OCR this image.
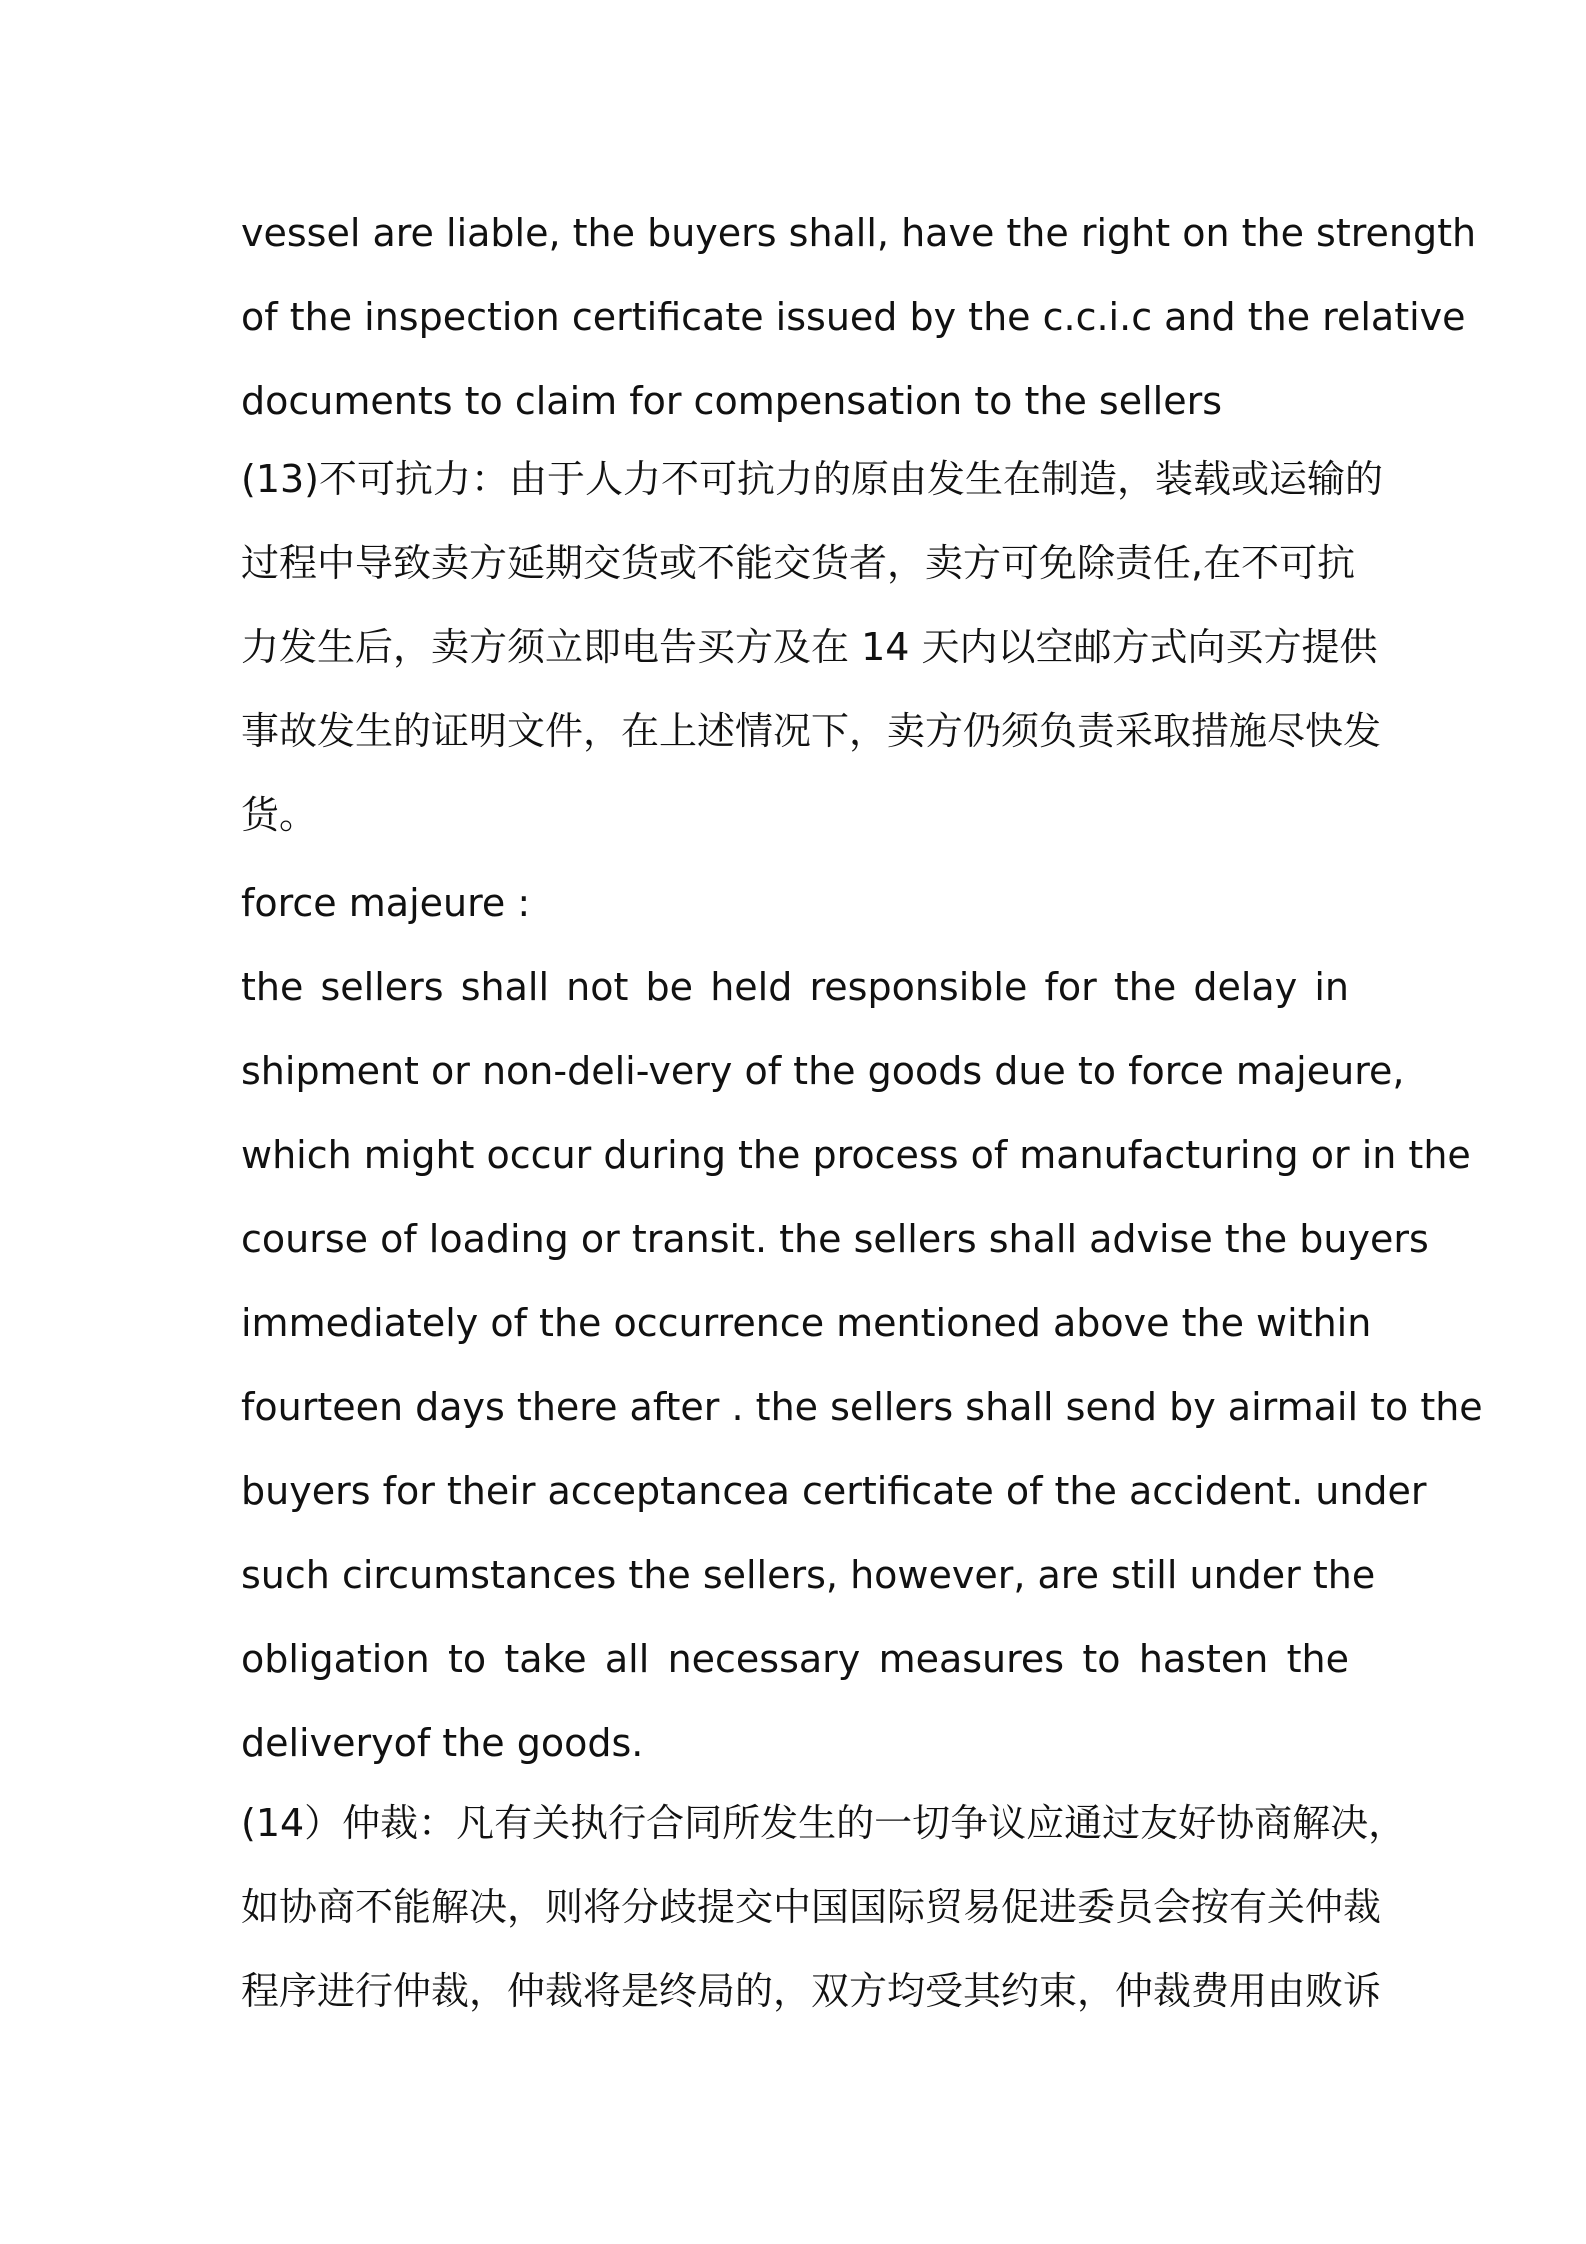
vessel are liable, the buyers shall, have the right on the strength
of the inspection certificate issued by the c.c.i.c and the relative
documents to claim for compensation to the sellers
(13)不可抗力：由于人力不可抗力的原由发生在制造，装载或运输的
过程中导致卖方延期交货或不能交货者，卖方可免除责任,在不可抗
力发生后，卖方须立即电告买方及在 14 天内以空邮方式向买方提供
事故发生的证明文件，在上述情况下，卖方仍须负责采取措施尽快发
货。
force majeure :
the sellers shall not be held responsible for the delay in
shipment or non-deli-very of the goods due to force majeure,
which might occur during the process of manufacturing or in the
course of loading or transit. the sellers shall advise the buyers
immediately of the occurrence mentioned above the within
fourteen days there after . the sellers shall send by airmail to the
buyers for their acceptancea certificate of the accident. under
such circumstances the sellers, however, are still under the
obligation to take all necessary measures to hasten the
deliveryof the goods.
(14）仲裁：凡有关执行合同所发生的一切争议应通过友好协商解决，
如协商不能解决，则将分歧提交中国国际贸易促进委员会按有关仲裁
程序进行仲裁，仲裁将是终局的，双方均受其约束，仲裁费用由败诉
